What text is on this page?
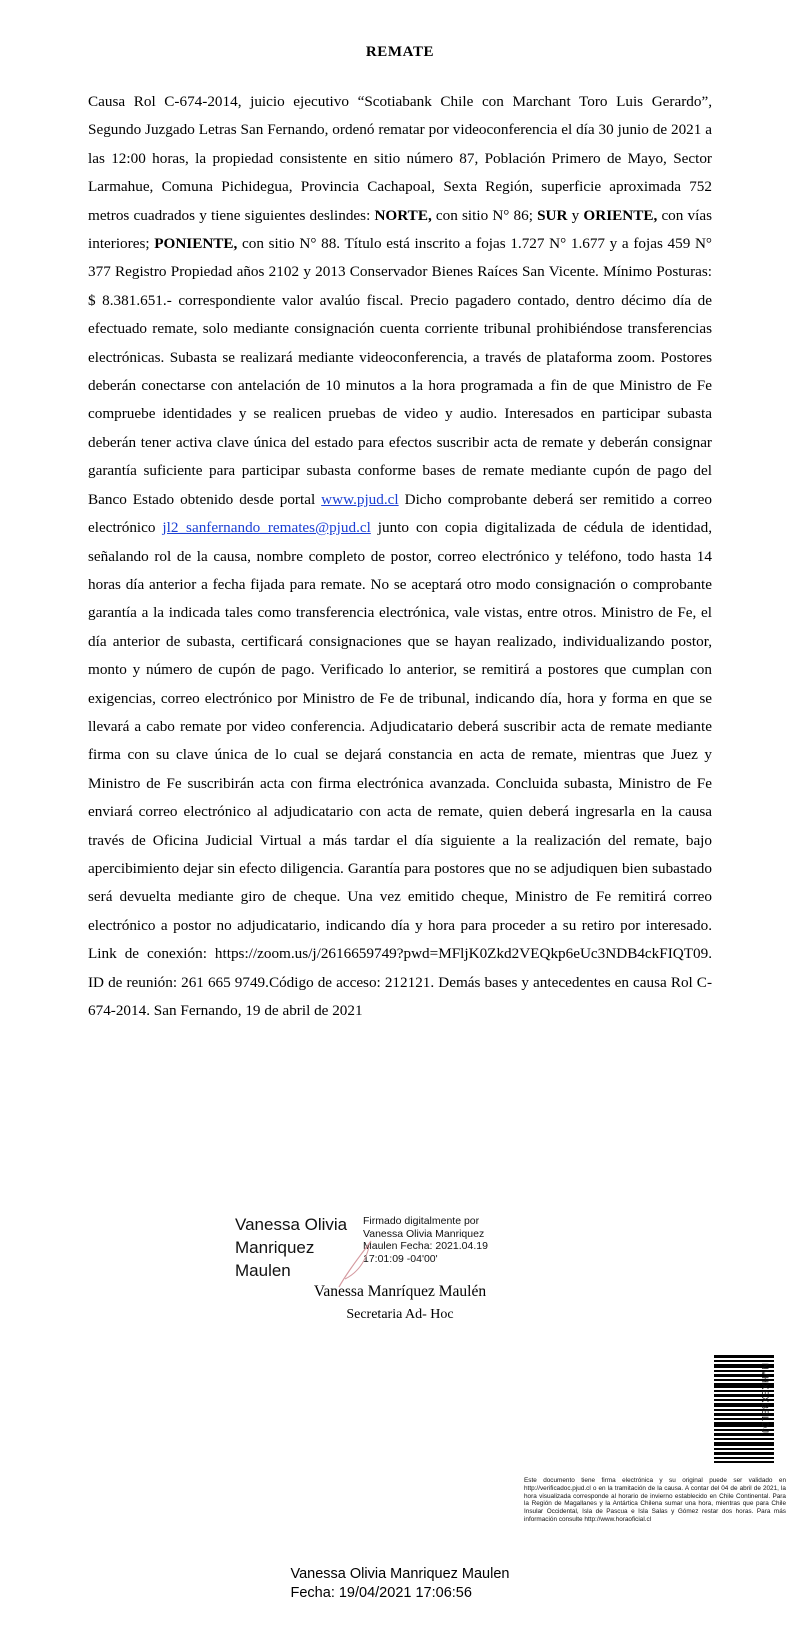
REMATE

Causa Rol C-674-2014, juicio ejecutivo “Scotiabank Chile con Marchant Toro Luis Gerardo”, Segundo Juzgado Letras San Fernando, ordenó rematar por videoconferencia el día 30 junio de 2021 a las 12:00 horas, la propiedad consistente en sitio número 87, Población Primero de Mayo, Sector Larmahue, Comuna Pichidegua, Provincia Cachapoal, Sexta Región, superficie aproximada 752 metros cuadrados y tiene siguientes deslindes: NORTE, con sitio N° 86; SUR y ORIENTE, con vías interiores; PONIENTE, con sitio N° 88. Título está inscrito a fojas 1.727 N° 1.677 y a fojas 459 N° 377 Registro Propiedad años 2102 y 2013 Conservador Bienes Raíces San Vicente. Mínimo Posturas: $ 8.381.651.- correspondiente valor avalúo fiscal. Precio pagadero contado, dentro décimo día de efectuado remate, solo mediante consignación cuenta corriente tribunal prohibiéndose transferencias electrónicas. Subasta se realizará mediante videoconferencia, a través de plataforma zoom. Postores deberán conectarse con antelación de 10 minutos a la hora programada a fin de que Ministro de Fe compruebe identidades y se realicen pruebas de video y audio. Interesados en participar subasta deberán tener activa clave única del estado para efectos suscribir acta de remate y deberán consignar garantía suficiente para participar subasta conforme bases de remate mediante cupón de pago del Banco Estado obtenido desde portal www.pjud.cl Dicho comprobante deberá ser remitido a correo electrónico jl2_sanfernando_remates@pjud.cl junto con copia digitalizada de cédula de identidad, señalando rol de la causa, nombre completo de postor, correo electrónico y teléfono, todo hasta 14 horas día anterior a fecha fijada para remate. No se aceptará otro modo consignación o comprobante garantía a la indicada tales como transferencia electrónica, vale vistas, entre otros. Ministro de Fe, el día anterior de subasta, certificará consignaciones que se hayan realizado, individualizando postor, monto y número de cupón de pago. Verificado lo anterior, se remitirá a postores que cumplan con exigencias, correo electrónico por Ministro de Fe de tribunal, indicando día, hora y forma en que se llevará a cabo remate por video conferencia. Adjudicatario deberá suscribir acta de remate mediante firma con su clave única de lo cual se dejará constancia en acta de remate, mientras que Juez y Ministro de Fe suscribirán acta con firma electrónica avanzada. Concluida subasta, Ministro de Fe enviará correo electrónico al adjudicatario con acta de remate, quien deberá ingresarla en la causa través de Oficina Judicial Virtual a más tardar el día siguiente a la realización del remate, bajo apercibimiento dejar sin efecto diligencia. Garantía para postores que no se adjudiquen bien subastado será devuelta mediante giro de cheque. Una vez emitido cheque, Ministro de Fe remitirá correo electrónico a postor no adjudicatario, indicando día y hora para proceder a su retiro por interesado. Link de conexión: https://zoom.us/j/2616659749?pwd=MFljK0Zkd2VEQkp6eUc3NDB4ckFIQT09. ID de reunión: 261 665 9749.Código de acceso: 212121. Demás bases y antecedentes en causa Rol C-674-2014. San Fernando, 19 de abril de 2021

Vanessa Olivia Manriquez Maulen
Firmado digitalmente por Vanessa Olivia Manriquez Maulen Fecha: 2021.04.19 17:01:09 -04'00'
Vanessa Manríquez Maulén
Secretaria Ad- Hoc
NVHXEXBBLDJ
Este documento tiene firma electrónica y su original puede ser validado en http://verificadoc.pjud.cl o en la tramitación de la causa. A contar del 04 de abril de 2021, la hora visualizada corresponde al horario de invierno establecido en Chile Continental. Para la Región de Magallanes y la Antártica Chilena sumar una hora, mientras que para Chile Insular Occidental, Isla de Pascua e Isla Salas y Gómez restar dos horas. Para más información consulte http://www.horaoficial.cl
Vanessa Olivia Manriquez Maulen
Fecha: 19/04/2021 17:06:56
